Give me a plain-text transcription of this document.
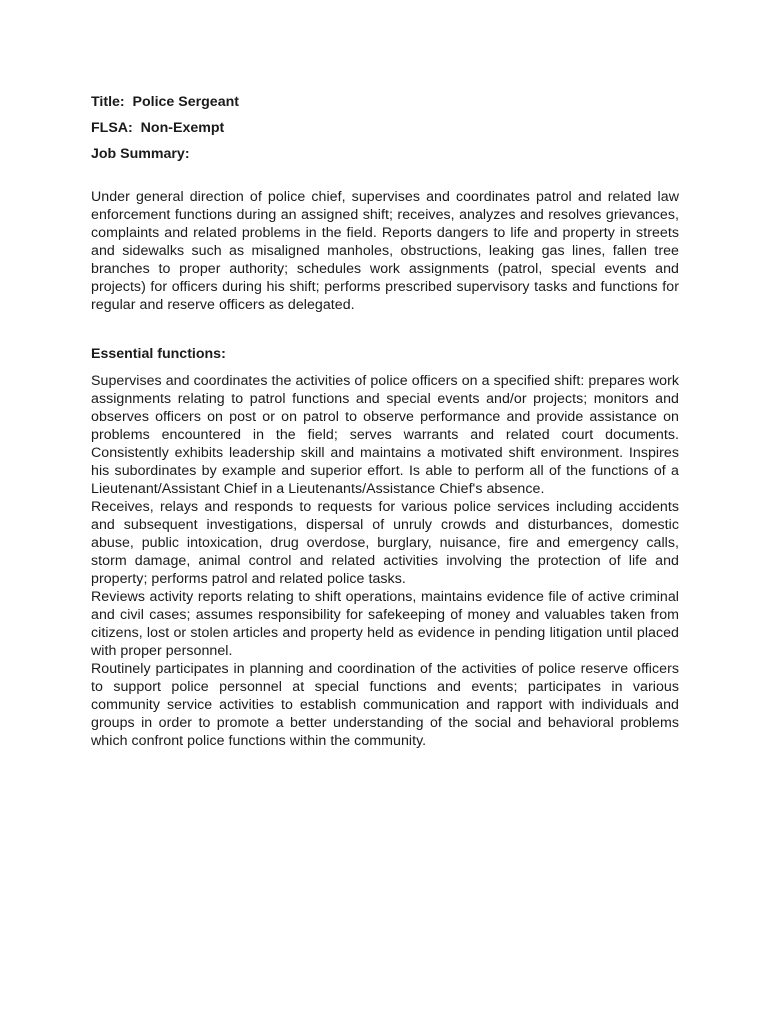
Title: Police Sergeant
FLSA: Non-Exempt
Job Summary:

Under general direction of police chief, supervises and coordinates patrol and related law enforcement functions during an assigned shift; receives, analyzes and resolves grievances, complaints and related problems in the field. Reports dangers to life and property in streets and sidewalks such as misaligned manholes, obstructions, leaking gas lines, fallen tree branches to proper authority; schedules work assignments (patrol, special events and projects) for officers during his shift; performs prescribed supervisory tasks and functions for regular and reserve officers as delegated.

Essential functions:

Supervises and coordinates the activities of police officers on a specified shift: prepares work assignments relating to patrol functions and special events and/or projects; monitors and observes officers on post or on patrol to observe performance and provide assistance on problems encountered in the field; serves warrants and related court documents. Consistently exhibits leadership skill and maintains a motivated shift environment. Inspires his subordinates by example and superior effort. Is able to perform all of the functions of a Lieutenant/Assistant Chief in a Lieutenants/Assistance Chief's absence.

Receives, relays and responds to requests for various police services including accidents and subsequent investigations, dispersal of unruly crowds and disturbances, domestic abuse, public intoxication, drug overdose, burglary, nuisance, fire and emergency calls, storm damage, animal control and related activities involving the protection of life and property; performs patrol and related police tasks.

Reviews activity reports relating to shift operations, maintains evidence file of active criminal and civil cases; assumes responsibility for safekeeping of money and valuables taken from citizens, lost or stolen articles and property held as evidence in pending litigation until placed with proper personnel.

Routinely participates in planning and coordination of the activities of police reserve officers to support police personnel at special functions and events; participates in various community service activities to establish communication and rapport with individuals and groups in order to promote a better understanding of the social and behavioral problems which confront police functions within the community.
